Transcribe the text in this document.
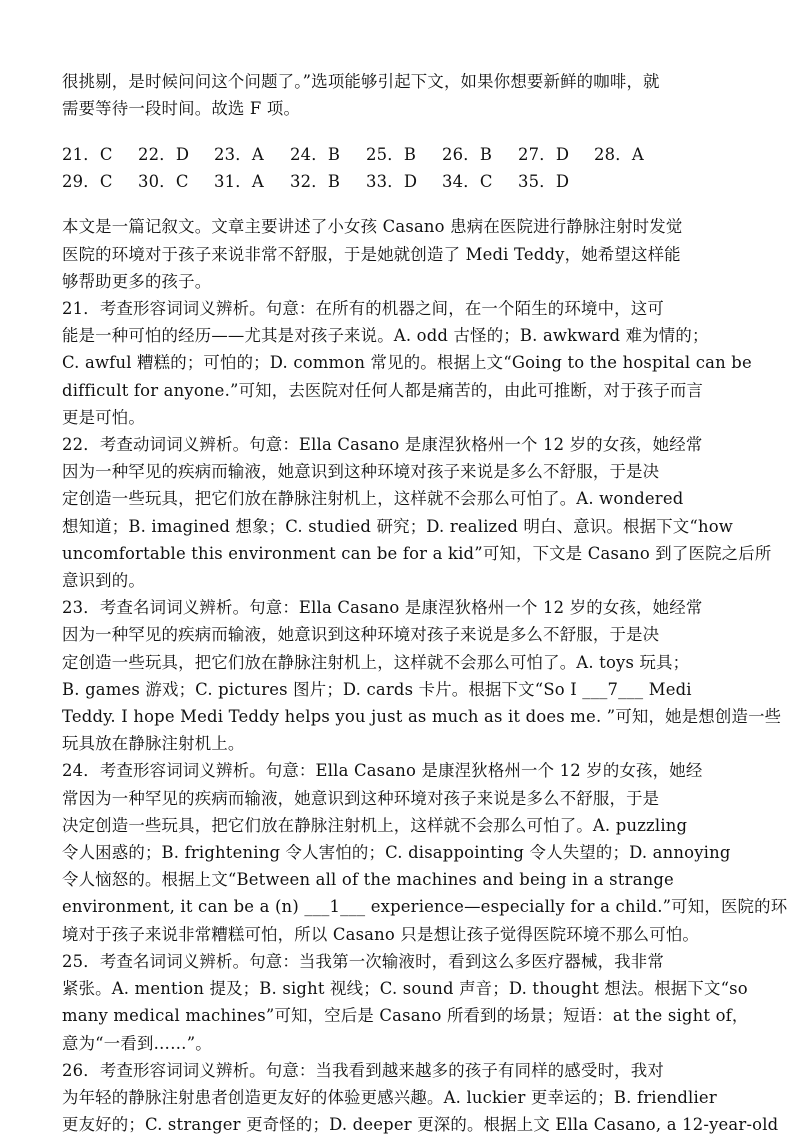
很挑剔，是时候问问这个问题了。”选项能够引起下文，如果你想要新鲜的咖啡，就
需要等待一段时间。故选 F 项。
21．C	22．D	23．A	24．B	25．B	26．B	27．D	28．A
29．C	30．C	31．A	32．B	33．D	34．C	35．D
本文是一篇记叙文。文章主要讲述了小女孩 Casano 患病在医院进行静脉注射时发觉
医院的环境对于孩子来说非常不舒服，于是她就创造了 Medi Teddy，她希望这样能
够帮助更多的孩子。
21．考查形容词词义辨析。句意：在所有的机器之间，在一个陌生的环境中，这可
能是一种可怕的经历——尤其是对孩子来说。A. odd 古怪的；B. awkward 难为情的；
C. awful 糟糕的；可怕的；D. common 常见的。根据上文“Going to the hospital can be
difficult for anyone.”可知，去医院对任何人都是痛苦的，由此可推断，对于孩子而言
更是可怕。
22．考查动词词义辨析。句意：Ella Casano 是康涅狄格州一个 12 岁的女孩，她经常
因为一种罕见的疾病而输液，她意识到这种环境对孩子来说是多么不舒服，于是决
定创造一些玩具，把它们放在静脉注射机上，这样就不会那么可怕了。A. wondered
想知道；B. imagined 想象；C. studied 研究；D. realized 明白、意识。根据下文“how
uncomfortable this environment can be for a kid”可知，下文是 Casano 到了医院之后所
意识到的。
23．考查名词词义辨析。句意：Ella Casano 是康涅狄格州一个 12 岁的女孩，她经常
因为一种罕见的疾病而输液，她意识到这种环境对孩子来说是多么不舒服，于是决
定创造一些玩具，把它们放在静脉注射机上，这样就不会那么可怕了。A. toys 玩具；
B. games 游戏；C. pictures 图片；D. cards 卡片。根据下文“So I ___7___ Medi
Teddy. I hope Medi Teddy helps you just as much as it does me. ”可知，她是想创造一些
玩具放在静脉注射机上。
24．考查形容词词义辨析。句意：Ella Casano 是康涅狄格州一个 12 岁的女孩，她经
常因为一种罕见的疾病而输液，她意识到这种环境对孩子来说是多么不舒服，于是
决定创造一些玩具，把它们放在静脉注射机上，这样就不会那么可怕了。A. puzzling
令人困惑的；B. frightening 令人害怕的；C. disappointing 令人失望的；D. annoying
令人恼怒的。根据上文“Between all of the machines and being in a strange
environment, it can be a (n) ___1___ experience—especially for a child.”可知，医院的环
境对于孩子来说非常糟糕可怕，所以 Casano 只是想让孩子觉得医院环境不那么可怕。
25．考查名词词义辨析。句意：当我第一次输液时，看到这么多医疗器械，我非常
紧张。A. mention 提及；B. sight 视线；C. sound 声音；D. thought 想法。根据下文“so
many medical machines”可知，空后是 Casano 所看到的场景；短语：at the sight of，
意为“一看到……”。
26．考查形容词词义辨析。句意：当我看到越来越多的孩子有同样的感受时，我对
为年轻的静脉注射患者创造更友好的体验更感兴趣。A. luckier 更幸运的；B. friendlier
更友好的；C. stranger 更奇怪的；D. deeper 更深的。根据上文 Ella Casano, a 12-year-old
